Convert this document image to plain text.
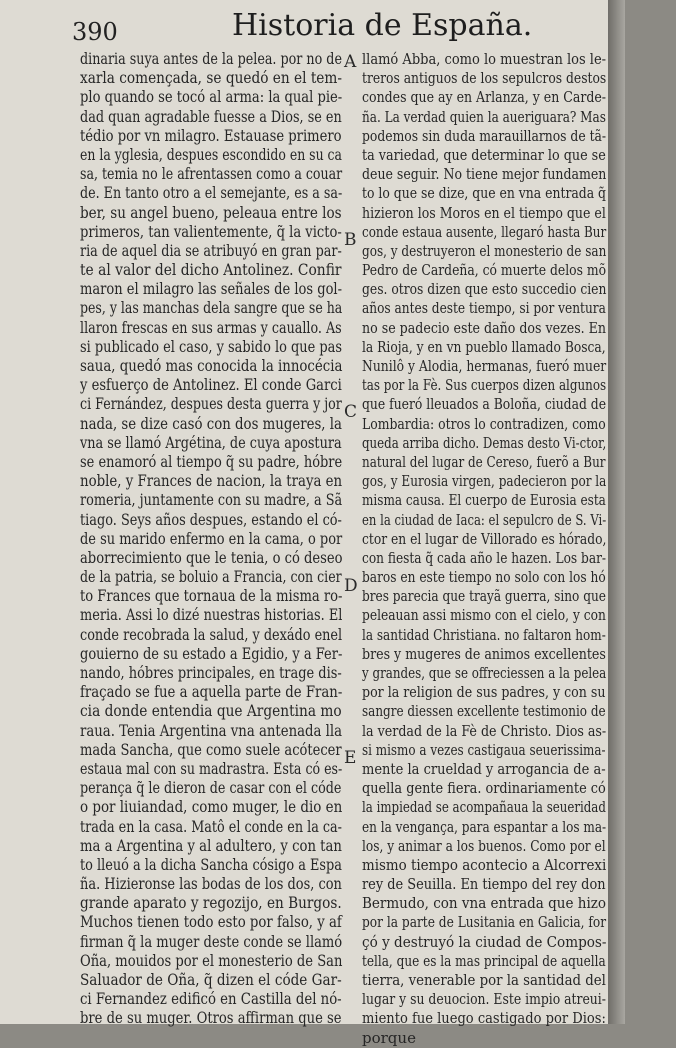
390	Historia de España.
dinaria suya antes de la pelea. por no de
xarla començada, se quedó en el tem-
plo quando se tocó al arma: la qual pie-
dad quan agradable fuesse a Dios, se en
tédio por vn milagro. Estauase primero
en la yglesia, despues escondido en su ca
sa, temia no le afrentassen como a couar
de. En tanto otro a el semejante, es a sa-
ber, su angel bueno, peleaua entre los
primeros, tan valientemente, q̃ la victo-
ria de aquel dia se atribuyó en gran par-
te al valor del dicho Antolinez. Confir
maron el milagro las señales de los gol-
pes, y las manchas dela sangre que se ha
llaron frescas en sus armas y cauallo. As
si publicado el caso, y sabido lo que pas
saua, quedó mas conocida la innocécia
y esfuerço de Antolinez. El conde Garci
ci Fernández, despues desta guerra y jor
nada, se dize casó con dos mugeres, la
vna se llamó Argétina, de cuya apostura
se enamoró al tiempo q̃ su padre, hóbre
noble, y Frances de nacion, la traya en
romeria, juntamente con su madre, a Sã
tiago. Seys años despues, estando el có-
de su marido enfermo en la cama, o por
aborrecimiento que le tenia, o có deseo
de la patria, se boluio a Francia, con cier
to Frances que tornaua de la misma ro-
meria. Assi lo dizé nuestras historias. El
conde recobrada la salud, y dexádo enel
gouierno de su estado a Egidio, y a Fer-
nando, hóbres principales, en trage dis-
fraçado se fue a aquella parte de Fran-
cia donde entendia que Argentina mo
raua. Tenia Argentina vna antenada lla
mada Sancha, que como suele acótecer
estaua mal con su madrastra. Esta có es-
perança q̃ le dieron de casar con el códe
o por liuiandad, como muger, le dio en
trada en la casa. Matô el conde en la ca-
ma a Argentina y al adultero, y con tan
to lleuó a la dicha Sancha cósigo a Espa
ña. Hizieronse las bodas de los dos, con
grande aparato y regozijo, en Burgos.
Muchos tienen todo esto por falso, y af
firman q̃ la muger deste conde se llamó
Oña, mouidos por el monesterio de San
Saluador de Oña, q̃ dizen el códe Gar-
ci Fernandez edificó en Castilla del nó-
bre de su muger. Otros affirman que se
llamó Abba, como lo muestran los le-
treros antiguos de los sepulcros destos
condes que ay en Arlanza, y en Carde-
ña. La verdad quien la aueriguara? Mas
podemos sin duda marauillarnos de tã-
ta variedad, que determinar lo que se
deue seguir. No tiene mejor fundamen
to lo que se dize, que en vna entrada q̃
hizieron los Moros en el tiempo que el
conde estaua ausente, llegaró hasta Bur
gos, y destruyeron el monesterio de san
Pedro de Cardeña, có muerte delos mõ
ges. otros dizen que esto succedio cien
años antes deste tiempo, si por ventura
no se padecio este daño dos vezes. En
la Rioja, y en vn pueblo llamado Bosca,
Nunilô y Alodia, hermanas, fueró muer
tas por la Fè. Sus cuerpos dizen algunos
que fueró lleuados a Boloña, ciudad de
Lombardia: otros lo contradizen, como
queda arriba dicho. Demas desto Vi-ctor,
natural del lugar de Cereso, fuerõ a Bur
gos, y Eurosia virgen, padecieron por la
misma causa. El cuerpo de Eurosia esta
en la ciudad de Iaca: el sepulcro de S. Vi-
ctor en el lugar de Villorado es hórado,
con fiesta q̃ cada año le hazen. Los bar-
baros en este tiempo no solo con los hó
bres parecia que trayã guerra, sino que
peleauan assi mismo con el cielo, y con
la santidad Christiana. no faltaron hom-
bres y mugeres de animos excellentes
y grandes, que se offreciessen a la pelea
por la religion de sus padres, y con su
sangre diessen excellente testimonio de
la verdad de la Fè de Christo. Dios as-
si mismo a vezes castigaua seuerissima-
mente la crueldad y arrogancia de a-
quella gente fiera. ordinariamente có
la impiedad se acompañaua la seueridad
en la vengança, para espantar a los ma-
los, y animar a los buenos. Como por el
mismo tiempo acontecio a Alcorrexi
rey de Seuilla. En tiempo del rey don
Bermudo, con vna entrada que hizo
por la parte de Lusitania en Galicia, for
çó y destruyó la ciudad de Compos-
tella, que es la mas principal de aquella
tierra, venerable por la santidad del
lugar y su deuocion. Este impio atreui-
miento fue luego castigado por Dios:
porque
A
B
C
D
E
